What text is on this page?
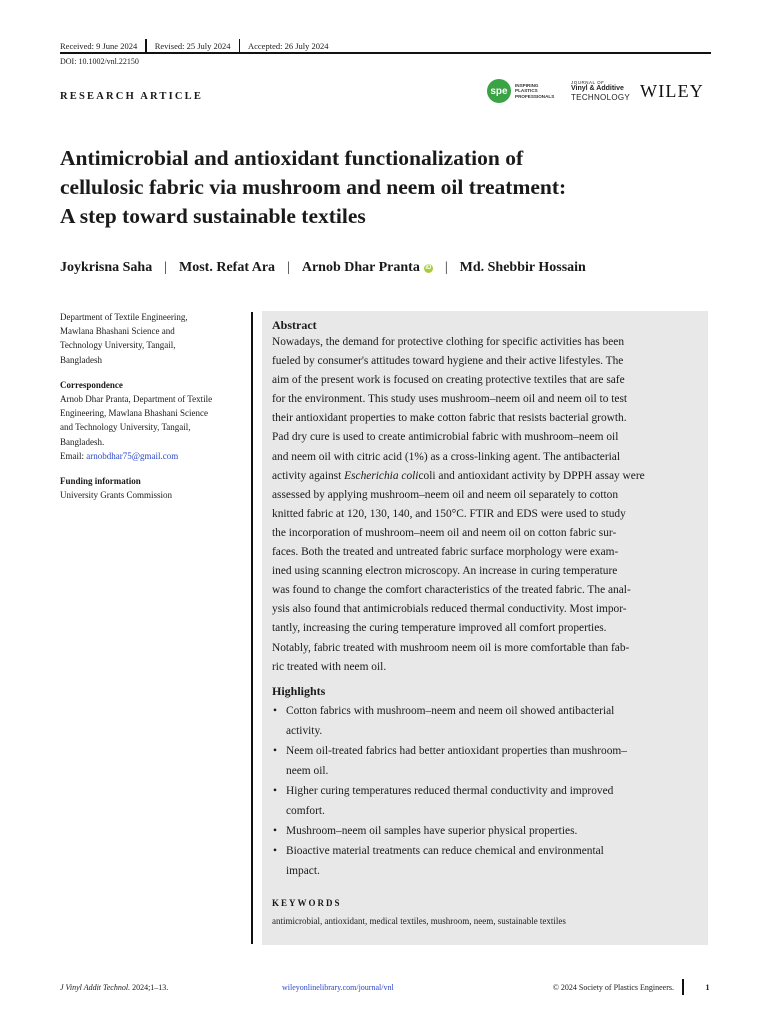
Received: 9 June 2024	Revised: 25 July 2024	Accepted: 26 July 2024
DOI: 10.1002/vnl.22150
RESEARCH ARTICLE	spe	INSPIRING
PLASTICS
PROFESSIONALS
JOURNAL OF
Vinyl & Additive
TECHNOLOGY WILEY
Antimicrobial and antioxidant functionalization of
cellulosic fabric via mushroom and neem oil treatment:
A step toward sustainable textiles
Joykrisna Saha | Most. Refat Ara | Arnob Dhar Pranta iD | Md. Shebbir Hossain
Department of Textile Engineering,
Mawlana Bhashani Science and
Technology University, Tangail,
Bangladesh
Correspondence
Arnob Dhar Pranta, Department of Textile
Engineering, Mawlana Bhashani Science
and Technology University, Tangail,
Bangladesh.
Email: arnobdhar75@gmail.com
Funding information
University Grants Commission
Abstract
Nowadays, the demand for protective clothing for specific activities has been
fueled by consumer's attitudes toward hygiene and their active lifestyles. The
aim of the present work is focused on creating protective textiles that are safe
for the environment. This study uses mushroom–neem oil and neem oil to test
their antioxidant properties to make cotton fabric that resists bacterial growth.
Pad dry cure is used to create antimicrobial fabric with mushroom–neem oil
and neem oil with citric acid (1%) as a cross-linking agent. The antibacterial
activity against Escherichia colicoli and antioxidant activity by DPPH assay were
assessed by applying mushroom–neem oil and neem oil separately to cotton
knitted fabric at 120, 130, 140, and 150°C. FTIR and EDS were used to study
the incorporation of mushroom–neem oil and neem oil on cotton fabric sur-
faces. Both the treated and untreated fabric surface morphology were exam-
ined using scanning electron microscopy. An increase in curing temperature
was found to change the comfort characteristics of the treated fabric. The anal-
ysis also found that antimicrobials reduced thermal conductivity. Most impor-
tantly, increasing the curing temperature improved all comfort properties.
Notably, fabric treated with mushroom neem oil is more comfortable than fab-
ric treated with neem oil.
Highlights
• Cotton fabrics with mushroom–neem and neem oil showed antibacterial
activity.
• Neem oil-treated fabrics had better antioxidant properties than mushroom–
neem oil.
• Higher curing temperatures reduced thermal conductivity and improved
comfort.
• Mushroom–neem oil samples have superior physical properties.
• Bioactive material treatments can reduce chemical and environmental
impact.
KEYWORDS
antimicrobial, antioxidant, medical textiles, mushroom, neem, sustainable textiles
J Vinyl Addit Technol. 2024;1–13.	wileyonlinelibrary.com/journal/vnl	© 2024 Society of Plastics Engineers.	1
